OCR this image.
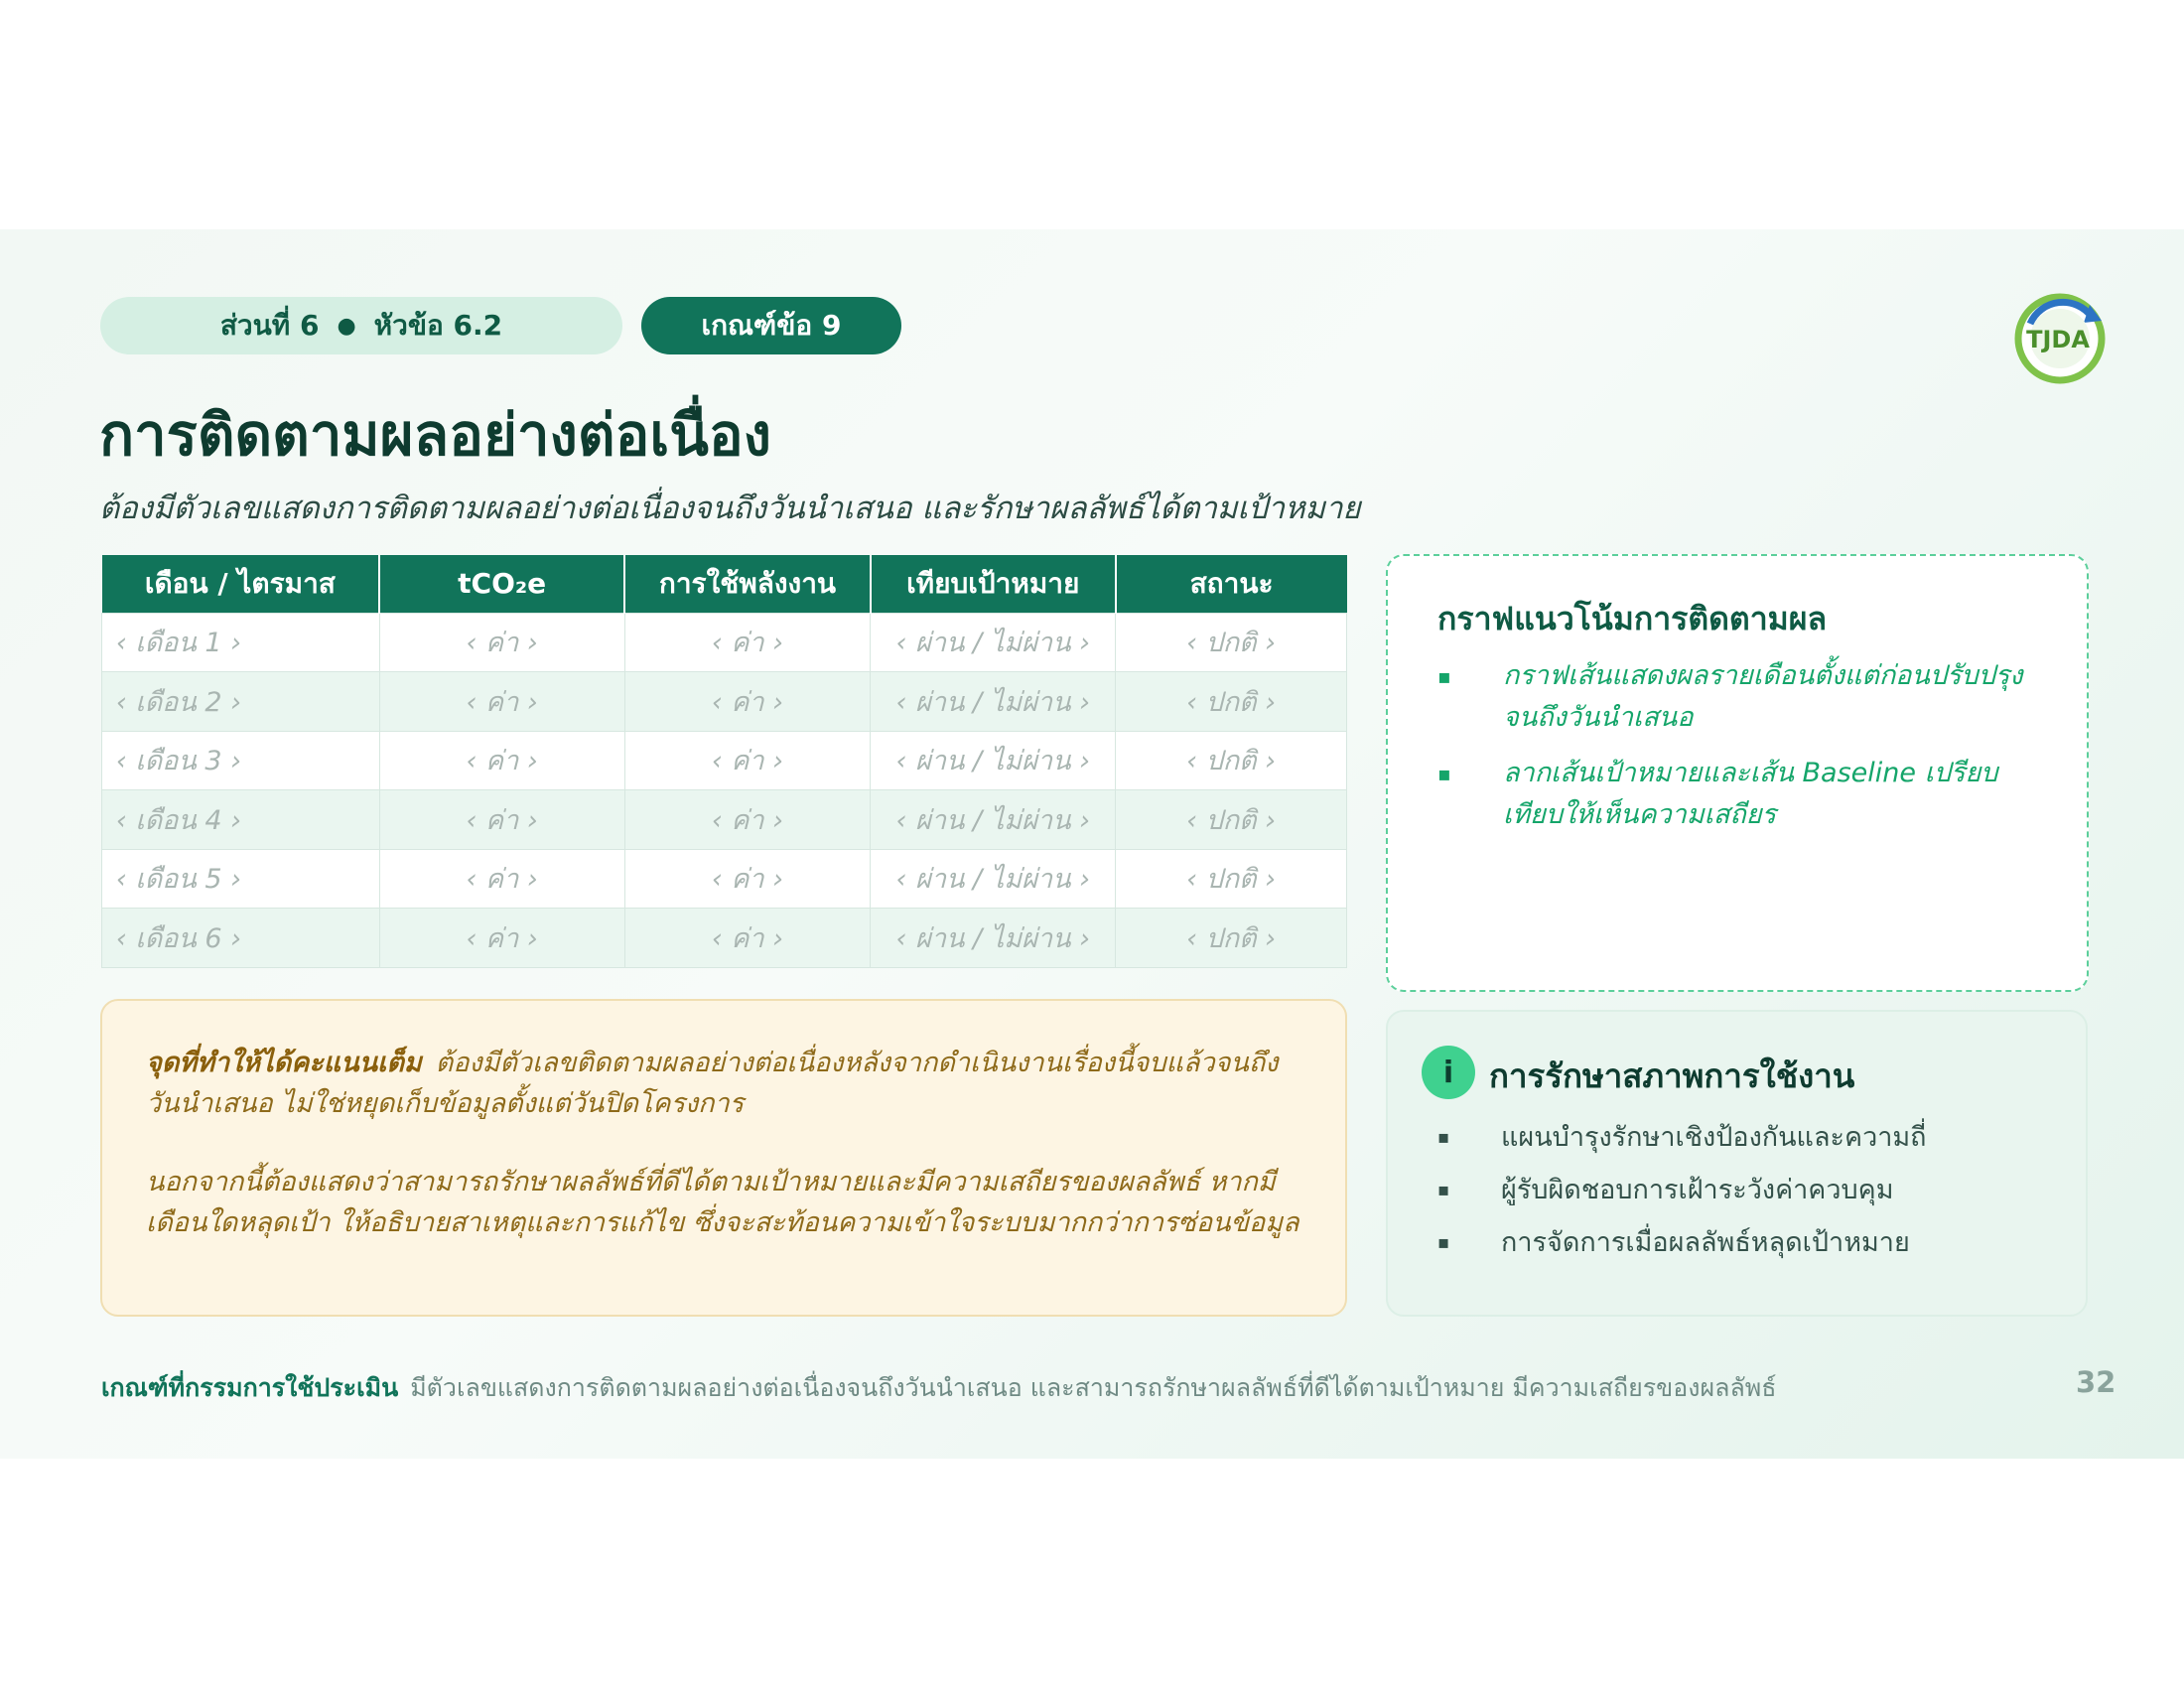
ส่วนที่ 6 ● หัวข้อ 6.2	เกณฑ์ข้อ 9	TJDA
การติดตามผลอย่างต่อเนื่อง
ต้องมีตัวเลขแสดงการติดตามผลอย่างต่อเนื่องจนถึงวันนำเสนอ และรักษาผลลัพธ์ได้ตามเป้าหมาย
เดือน / ไตรมาส	tCO₂e	การใช้พลังงาน	เทียบเป้าหมาย	สถานะ
‹ เดือน 1 ›	‹ ค่า ›	‹ ค่า ›	‹ ผ่าน / ไม่ผ่าน ›	‹ ปกติ ›
‹ เดือน 2 ›	‹ ค่า ›	‹ ค่า ›	‹ ผ่าน / ไม่ผ่าน ›	‹ ปกติ ›
‹ เดือน 3 ›	‹ ค่า ›	‹ ค่า ›	‹ ผ่าน / ไม่ผ่าน ›	‹ ปกติ ›
‹ เดือน 4 ›	‹ ค่า ›	‹ ค่า ›	‹ ผ่าน / ไม่ผ่าน ›	‹ ปกติ ›
‹ เดือน 5 ›	‹ ค่า ›	‹ ค่า ›	‹ ผ่าน / ไม่ผ่าน ›	‹ ปกติ ›
‹ เดือน 6 ›	‹ ค่า ›	‹ ค่า ›	‹ ผ่าน / ไม่ผ่าน ›	‹ ปกติ ›
กราฟแนวโน้มการติดตามผล
▪ กราฟเส้นแสดงผลรายเดือนตั้งแต่ก่อนปรับปรุงจนถึงวันนำเสนอ
▪ ลากเส้นเป้าหมายและเส้น Baseline เปรียบเทียบให้เห็นความเสถียร

จุดที่ทำให้ได้คะแนนเต็ม ต้องมีตัวเลขติดตามผลอย่างต่อเนื่องหลังจากดำเนินงานเรื่องนี้จบแล้วจนถึงวันนำเสนอ ไม่ใช่หยุดเก็บข้อมูลตั้งแต่วันปิดโครงการ

นอกจากนี้ต้องแสดงว่าสามารถรักษาผลลัพธ์ที่ดีได้ตามเป้าหมายและมีความเสถียรของผลลัพธ์ หากมีเดือนใดหลุดเป้า ให้อธิบายสาเหตุและการแก้ไข ซึ่งจะสะท้อนความเข้าใจระบบมากกว่าการซ่อนข้อมูล

i	การรักษาสภาพการใช้งาน
▪ แผนบำรุงรักษาเชิงป้องกันและความถี่
▪ ผู้รับผิดชอบการเฝ้าระวังค่าควบคุม
▪ การจัดการเมื่อผลลัพธ์หลุดเป้าหมาย
เกณฑ์ที่กรรมการใช้ประเมิน มีตัวเลขแสดงการติดตามผลอย่างต่อเนื่องจนถึงวันนำเสนอ และสามารถรักษาผลลัพธ์ที่ดีได้ตามเป้าหมาย มีความเสถียรของผลลัพธ์	32
